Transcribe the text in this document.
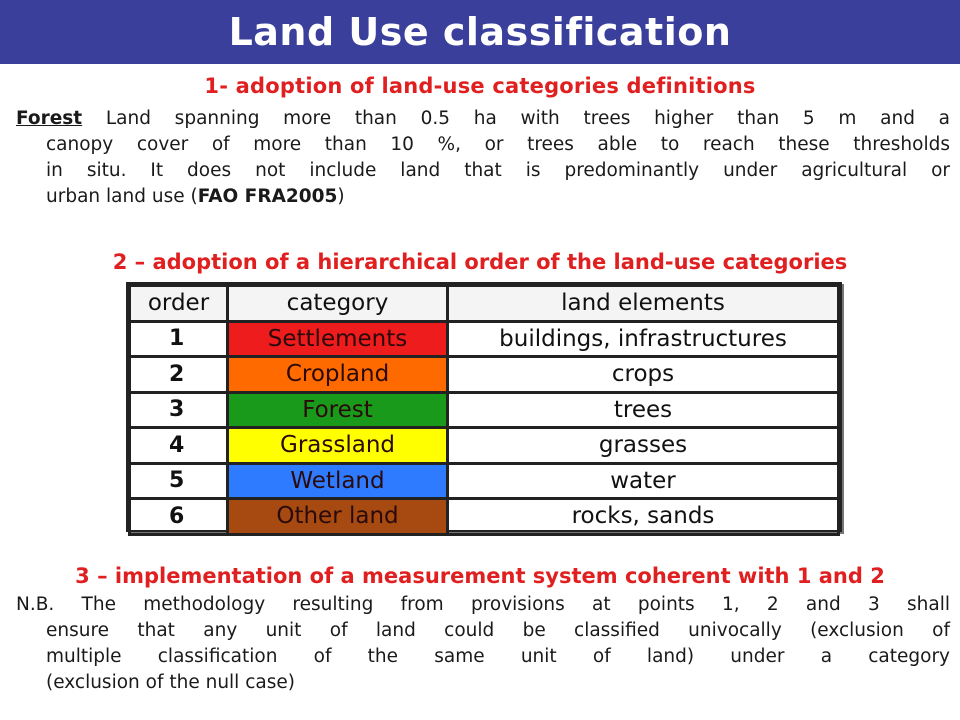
Land Use classification
1- adoption of land-use categories definitions
Forest Land spanning more than 0.5 ha with trees higher than 5 m and a
canopy cover of more than 10 %, or trees able to reach these thresholds
in situ. It does not include land that is predominantly under agricultural or
urban land use (FAO FRA2005)
2 – adoption of a hierarchical order of the land-use categories
order	category	land elements
1	Settlements	buildings, infrastructures
2	Cropland	crops
3	Forest	trees
4	Grassland	grasses
5	Wetland	water
6	Other land	rocks, sands
3 – implementation of a measurement system coherent with 1 and 2
N.B. The methodology resulting from provisions at points 1, 2 and 3 shall
ensure that any unit of land could be classified univocally (exclusion of
multiple classification of the same unit of land) under a category
(exclusion of the null case)
